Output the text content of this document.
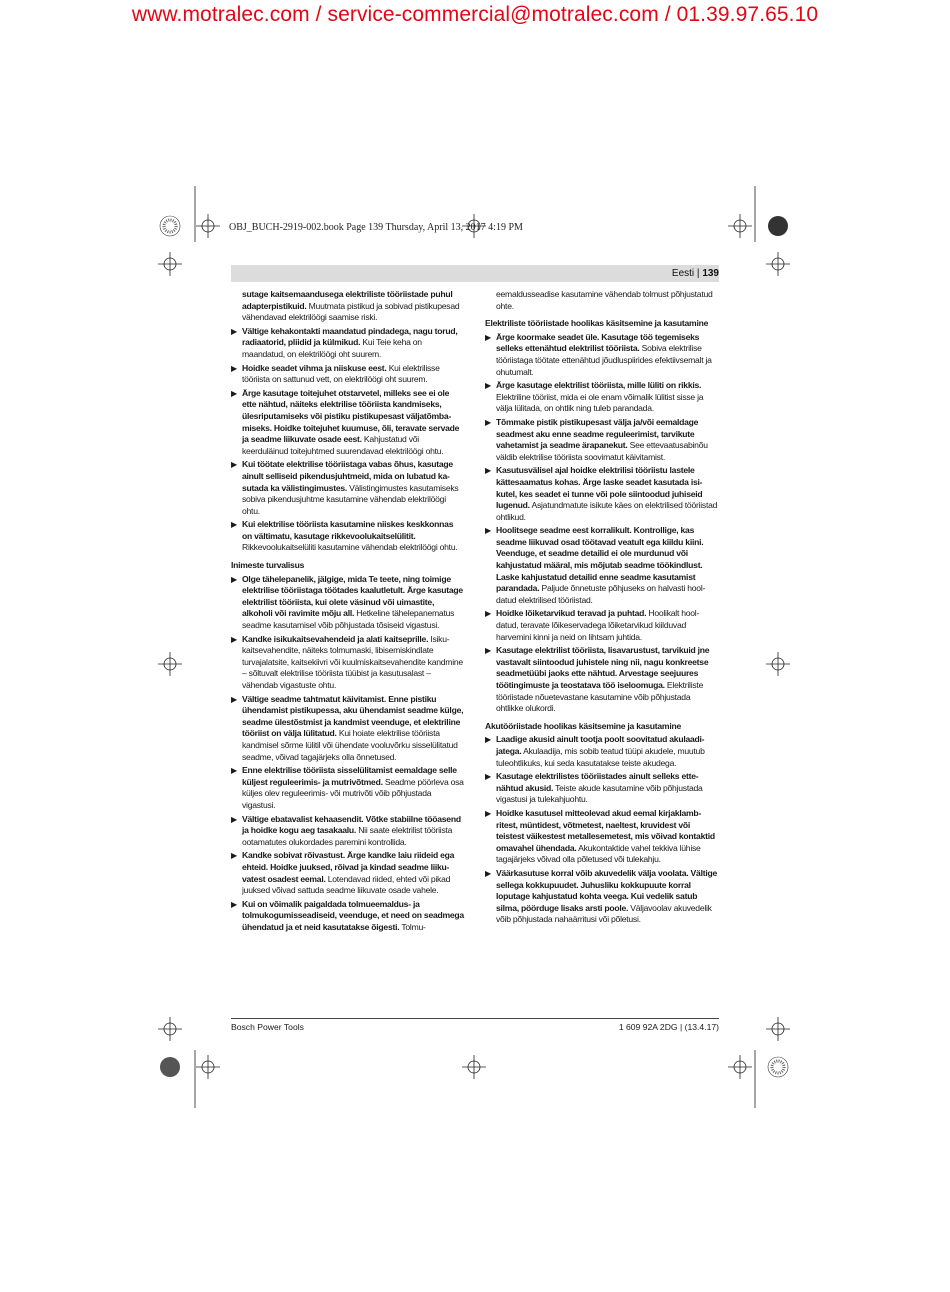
www.motralec.com / service-commercial@motralec.com / 01.39.97.65.10
OBJ_BUCH-2919-002.book Page 139 Thursday, April 13, 2017 4:19 PM
Eesti | 139
sutage kaitsemaandusega elektriliste tööriistade puhul adapterpistikuid. Muutmata pistikud ja sobivad pistikupesad vähendavad elektrilöögi saamise riski.
▶ Vältige kehakontakti maandatud pindadega, nagu torud, radiaatorid, pliidid ja külmikud. Kui Teie keha on maandatud, on elektrilöögi oht suurem.
▶ Hoidke seadet vihma ja niiskuse eest. Kui elektrilisse tööriista on sattunud vett, on elektrilöögi oht suurem.
▶ Ärge kasutage toitejuhet otstarvetel, milleks see ei ole ette nähtud, näiteks elektrilise tööriista kandmiseks, ülesriputamiseks või pistiku pistikupesast väljatõmbamiseks. Hoidke toitejuhet kuumuse, õli, teravate servade ja seadme liikuvate osade eest. Kahjustatud või keerduläinud toitejuhtmed suurendavad elektrilöögi ohtu.
▶ Kui töötate elektrilise tööriistaga vabas õhus, kasutage ainult selliseid pikendusjuhtmeid, mida on lubatud kasutada ka välistingimustes. Välistingimustes kasutamiseks sobiva pikendusjuhtme kasutamine vähendab elektrilöögi ohtu.
▶ Kui elektrilise tööriista kasutamine niiskes keskkonnas on vältimatu, kasutage rikkevoolukaitselülitit. Rikkevoolukaitselüliti kasutamine vähendab elektrilöögi ohtu.
Inimeste turvalisus
▶ Olge tähelepanelik, jälgige, mida Te teete, ning toimige elektrilise tööriistaga töötades kaalutletult. Ärge kasutage elektrilist tööriista, kui olete väsinud või uimastite, alkoholi või ravimite mõju all. Hetkeline tähelepanematus seadme kasutamisel võib põhjustada tõsiseid vigastusi.
▶ Kandke isikukaitsevahendeid ja alati kaitseprille. Isikukaitsevahendite, näiteks tolmumaski, libisemiskindlate turvajalatsite, kaitsekiivri või kuulmiskaitsevahendite kandmine – sõltuvalt elektrilise tööriista tüübist ja kasutusalast – vähendab vigastuste ohtu.
▶ Vältige seadme tahtmatut käivitamist. Enne pistiku ühendamist pistikupessa, aku ühendamist seadme külge, seadme ülestõstmist ja kandmist veenduge, et elektriline tööriist on välja lülitatud. Kui hoiate elektrilise tööriista kandmisel sõrme lülitil või ühendate vooluvõrku sisselülitatud seadme, võivad tagajärjeks olla õnnetused.
▶ Enne elektrilise tööriista sisselülitamist eemaldage selle küljest reguleerimis- ja mutrivõtmed. Seadme pöörleva osa küljes olev reguleerimis- või mutrivõti võib põhjustada vigastusi.
▶ Vältige ebatavalist kehaasendit. Võtke stabiilne tööasend ja hoidke kogu aeg tasakaalu. Nii saate elektrilist tööriista ootamatutes olukordades paremini kontrollida.
▶ Kandke sobivat rõivastust. Ärge kandke laiu riideid ega ehteid. Hoidke juuksed, rõivad ja kindad seadme liikuvatest osadest eemal. Lotendavad riided, ehted või pikad juuksed võivad sattuda seadme liikuvate osade vahele.
▶ Kui on võimalik paigaldada tolmueemaldus- ja tolmukogumisseadiseid, veenduge, et need on seadmega ühendatud ja et neid kasutatakse õigesti. Tolmu-
eemaldusseadise kasutamine vähendab tolmust põhjustatud ohte.
Elektriliste tööriistade hoolikas käsitsemine ja kasutamine
▶ Ärge koormake seadet üle. Kasutage töö tegemiseks selleks ettenähtud elektrilist tööriista. Sobiva elektrilise tööriistaga töötate ettenähtud jõudluspiirides efektiivsemalt ja ohutumalt.
▶ Ärge kasutage elektrilist tööriista, mille lüliti on rikkis. Elektriline tööriist, mida ei ole enam võimalik lülitist sisse ja välja lülitada, on ohtlik ning tuleb parandada.
▶ Tõmmake pistik pistikupesast välja ja/või eemaldage seadmest aku enne seadme reguleerimist, tarvikute vahetamist ja seadme ärapanekut. See ettevaatusabinõu väldib elektrilise tööriista soovimatut käivitamist.
▶ Kasutusvälisel ajal hoidke elektrilisi tööriistu lastele kättesaamatus kohas. Ärge laske seadet kasutada isikutel, kes seadet ei tunne või pole siintoodud juhiseid lugenud. Asjatundmatute isikute käes on elektrilised tööriistad ohtlikud.
▶ Hoolitsege seadme eest korralikult. Kontrollige, kas seadme liikuvad osad töötavad veatult ega kiildu kiini. Veenduge, et seadme detailid ei ole murdunud või kahjustatud määral, mis mõjutab seadme töökindlust. Laske kahjustatud detailid enne seadme kasutamist parandada. Paljude õnnetuste põhjuseks on halvasti hooldatud elektrilised tööriistad.
▶ Hoidke lõiketarvikud teravad ja puhtad. Hoolikalt hooldatud, teravate lõikeservadega lõiketarvikud kiilduvad harvemini kinni ja neid on lihtsam juhtida.
▶ Kasutage elektrilist tööriista, lisavarustust, tarvikuid jne vastavalt siintoodud juhistele ning nii, nagu konkreetse seadmetüübi jaoks ette nähtud. Arvestage seejuures töötingimuste ja teostatava töö iseloomuga. Elektriliste tööriistade nõuetevastane kasutamine võib põhjustada ohtlikke olukordi.
Akutööriistade hoolikas käsitsemine ja kasutamine
▶ Laadige akusid ainult tootja poolt soovitatud akulaadijatega. Akulaadija, mis sobib teatud tüüpi akudele, muutub tuleohtlikuks, kui seda kasutatakse teiste akudega.
▶ Kasutage elektrilistes tööriistades ainult selleks ettenähtud akusid. Teiste akude kasutamine võib põhjustada vigastusi ja tulekahjuohtu.
▶ Hoidke kasutusel mitteolevad akud eemal kirjaklambritest, müntidest, võtmetest, naeltest, kruvidest või teistest väikestest metallesemetest, mis võivad kontaktid omavahel ühendada. Akukontaktide vahel tekkiva lühise tagajärjeks võivad olla põletused või tulekahju.
▶ Väärkasutuse korral võib akuvedelik välja voolata. Vältige sellega kokkupuudet. Juhusliku kokkupuute korral loputage kahjustatud kohta veega. Kui vedelik satub silma, pöörduge lisaks arsti poole. Väljavoolav akuvedelik võib põhjustada nahaärritusi või põletusi.
Bosch Power Tools	1 609 92A 2DG | (13.4.17)
